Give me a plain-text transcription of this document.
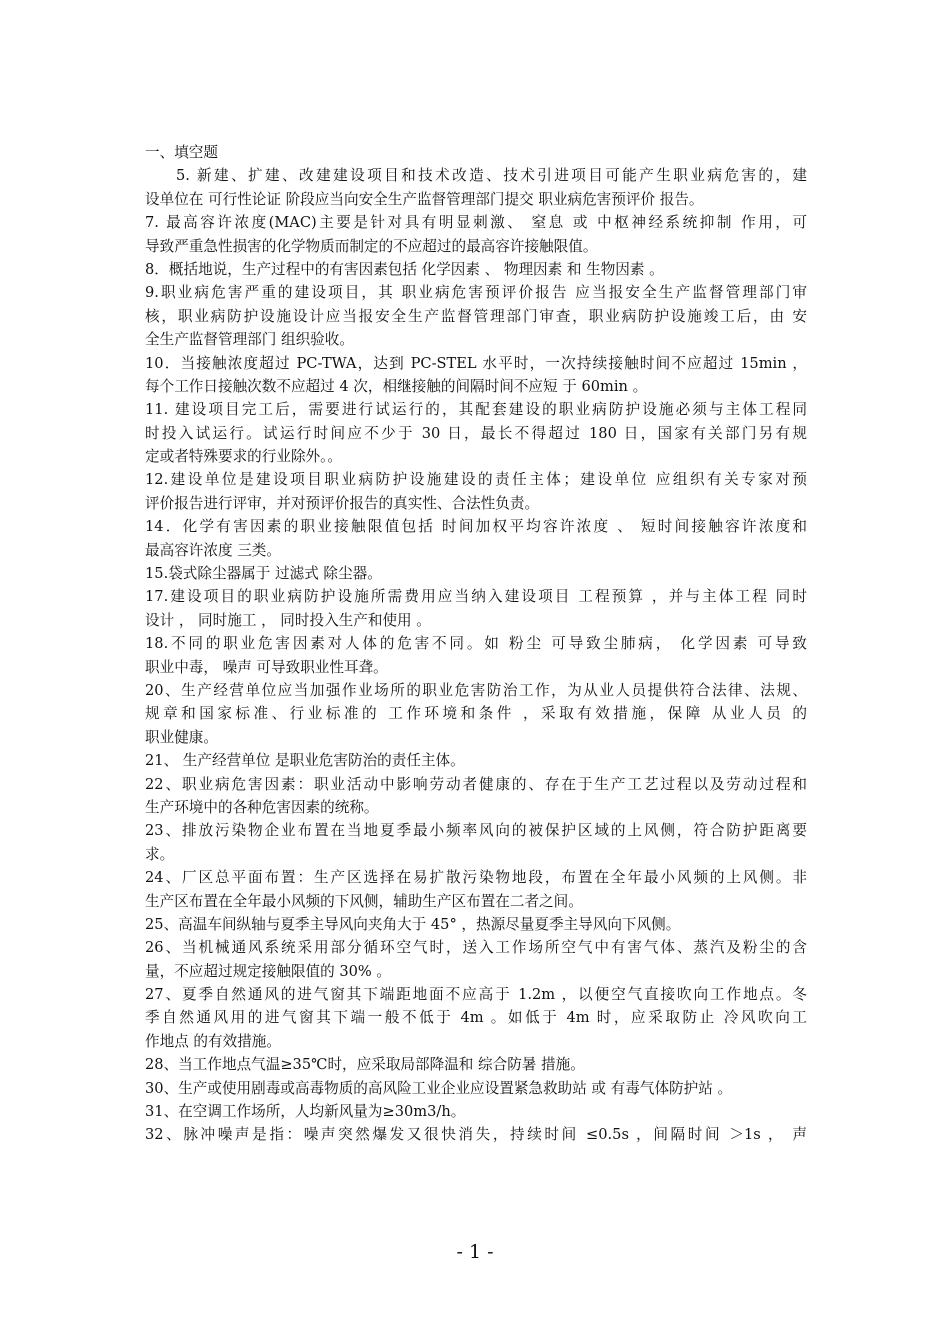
一、填空题
5. 新建、扩建、改建建设项目和技术改造、技术引进项目可能产生职业病危害的，建
设单位在 可行性论证 阶段应当向安全生产监督管理部门提交 职业病危害预评价 报告。
7. 最高容许浓度(MAC)主要是针对具有明显刺激、 窒息 或 中枢神经系统抑制 作用，可
导致严重急性损害的化学物质而制定的不应超过的最高容许接触限值。
8．概括地说，生产过程中的有害因素包括 化学因素 、 物理因素 和 生物因素 。
9.职业病危害严重的建设项目，其 职业病危害预评价报告 应当报安全生产监督管理部门审
核，职业病防护设施设计应当报安全生产监督管理部门审查，职业病防护设施竣工后，由 安
全生产监督管理部门 组织验收。
10．当接触浓度超过 PC-TWA，达到 PC-STEL 水平时，一次持续接触时间不应超过 15min ，
每个工作日接触次数不应超过 4 次，相继接触的间隔时间不应短 于 60min 。
11. 建设项目完工后，需要进行试运行的，其配套建设的职业病防护设施必须与主体工程同
时投入试运行。试运行时间应不少于 30 日，最长不得超过 180 日，国家有关部门另有规
定或者特殊要求的行业除外。。
12.建设单位是建设项目职业病防护设施建设的责任主体；建设单位 应组织有关专家对预
评价报告进行评审，并对预评价报告的真实性、合法性负责。
14．化学有害因素的职业接触限值包括 时间加权平均容许浓度 、 短时间接触容许浓度和
最高容许浓度 三类。
15.袋式除尘器属于 过滤式 除尘器。
17.建设项目的职业病防护设施所需费用应当纳入建设项目 工程预算 ，并与主体工程 同时
设计 ， 同时施工 ， 同时投入生产和使用 。
18.不同的职业危害因素对人体的危害不同。如 粉尘 可导致尘肺病， 化学因素 可导致
职业中毒， 噪声 可导致职业性耳聋。
20、生产经营单位应当加强作业场所的职业危害防治工作，为从业人员提供符合法律、法规、
规章和国家标准、行业标准的 工作环境和条件 ，采取有效措施，保障 从业人员 的
职业健康。
21、 生产经营单位 是职业危害防治的责任主体。
22、职业病危害因素：职业活动中影响劳动者健康的、存在于生产工艺过程以及劳动过程和
生产环境中的各种危害因素的统称。
23、排放污染物企业布置在当地夏季最小频率风向的被保护区域的上风侧，符合防护距离要
求。
24、厂区总平面布置：生产区选择在易扩散污染物地段，布置在全年最小风频的上风侧。非
生产区布置在全年最小风频的下风侧，辅助生产区布置在二者之间。
25、高温车间纵轴与夏季主导风向夹角大于 45° ，热源尽量夏季主导风向下风侧。
26、当机械通风系统采用部分循环空气时，送入工作场所空气中有害气体、蒸汽及粉尘的含
量，不应超过规定接触限值的 30% 。
27、夏季自然通风的进气窗其下端距地面不应高于 1.2m ，以便空气直接吹向工作地点。冬
季自然通风用的进气窗其下端一般不低于 4m 。如低于 4m 时，应采取防止 冷风吹向工
作地点 的有效措施。
28、当工作地点气温≥35℃时，应采取局部降温和 综合防暑 措施。
30、生产或使用剧毒或高毒物质的高风险工业企业应设置紧急救助站 或 有毒气体防护站 。
31、在空调工作场所，人均新风量为≥30m3/h。
32、脉冲噪声是指：噪声突然爆发又很快消失，持续时间 ≤0.5s ，间隔时间 ＞1s ， 声
- 1 -
